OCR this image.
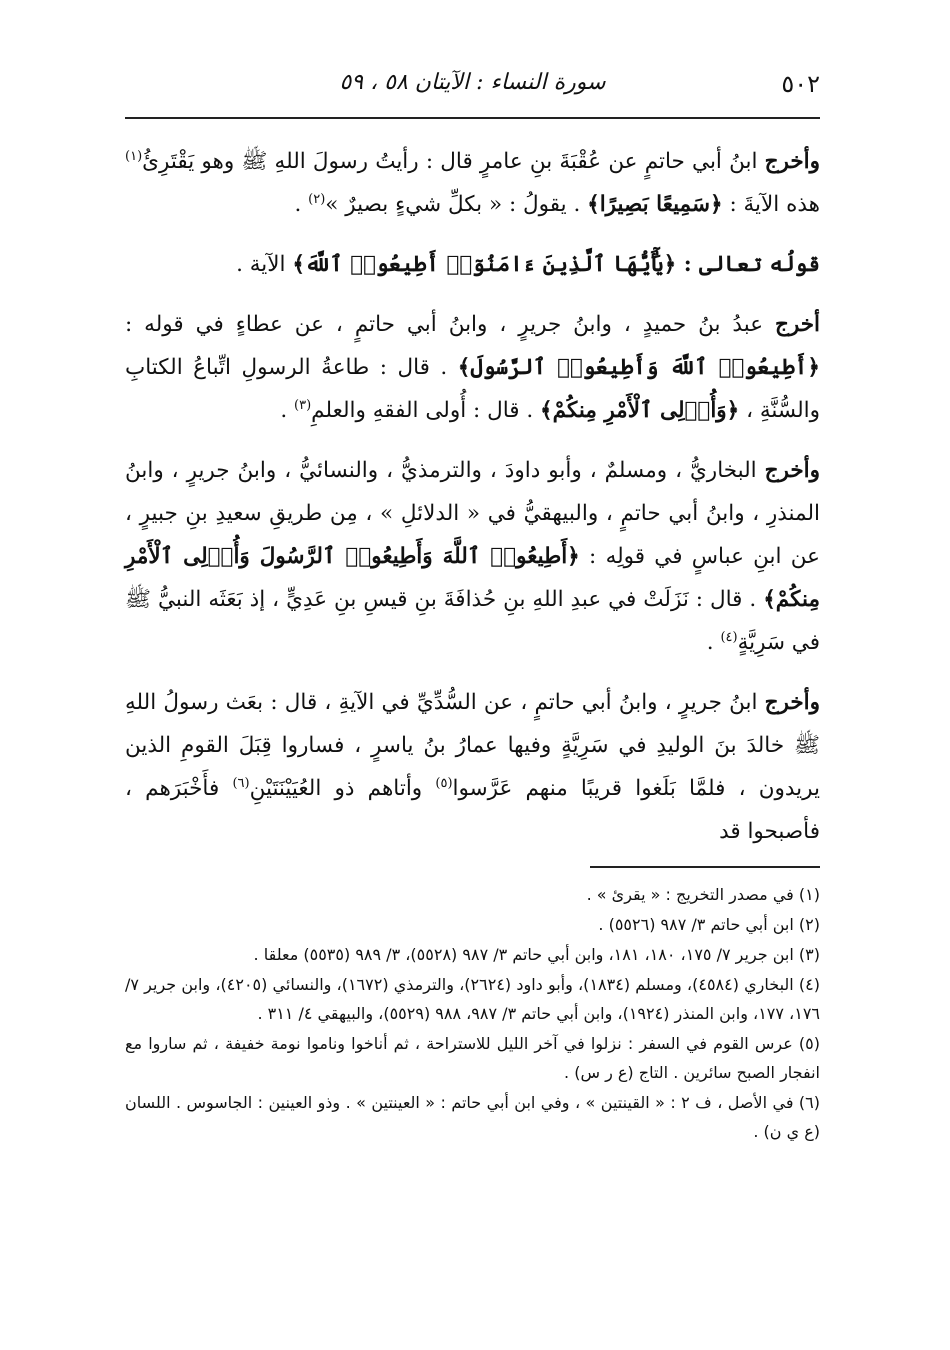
٥٠٢
سورة النساء : الآيتان ٥٨ ، ٥٩

وأخرج ابنُ أبي حاتمٍ عن عُقْبَةَ بنِ عامرٍ قال : رأيتُ رسولَ اللهِ ﷺ وهو يَقْتَرِئُ$^{(١)}$ هذه الآيةَ : ﴿سَمِيعًا بَصِيرًا﴾ . يقولُ : « بكلِّ شيءٍ بصيرٌ »$^{(٢)}$ .

قولُه تعالى : ﴿يَٰٓأَيُّهَا ٱلَّذِينَ ءَامَنُوٓا۟ أَطِيعُوا۟ ٱللَّهَ﴾ الآية .

أخرج عبدُ بنُ حميدٍ ، وابنُ جريرٍ ، وابنُ أبي حاتمٍ ، عن عطاءٍ في قوله : ﴿أَطِيعُوا۟ ٱللَّهَ وَأَطِيعُوا۟ ٱلرَّسُولَ﴾ . قال : طاعةُ الرسولِ اتِّباعُ الكتابِ والسُّنَّةِ ، ﴿وَأُو۟لِى ٱلْأَمْرِ مِنكُمْ﴾ . قال : أُولى الفقهِ والعلمِ$^{(٣)}$ .

وأخرج البخاريُّ ، ومسلمٌ ، وأبو داودَ ، والترمذيُّ ، والنسائيُّ ، وابنُ جريرٍ ، وابنُ المنذرِ ، وابنُ أبي حاتمٍ ، والبيهقيُّ في « الدلائلِ » ، مِن طريقِ سعيدِ بنِ جبيرٍ ، عن ابنِ عباسٍ في قولِه : ﴿أَطِيعُوا۟ ٱللَّهَ وَأَطِيعُوا۟ ٱلرَّسُولَ وَأُو۟لِى ٱلْأَمْرِ مِنكُمْ﴾ . قال : نَزَلَتْ في عبدِ اللهِ بنِ حُذافَةَ بنِ قيسِ بنِ عَدِيٍّ ، إذ بَعَثَه النبيُّ ﷺ في سَرِيَّةٍ$^{(٤)}$ .

وأخرج ابنُ جريرٍ ، وابنُ أبي حاتمٍ ، عن السُّدِّيِّ في الآيةِ ، قال : بعَث رسولُ اللهِ ﷺ خالدَ بنَ الوليدِ في سَرِيَّةٍ وفيها عمارُ بنُ ياسرٍ ، فساروا قِبَلَ القومِ الذين يريدون ، فلمَّا بَلَغوا قريبًا منهم عَرَّسوا$^{(٥)}$ وأتاهم ذو العُيَيْنَتَيْنِ$^{(٦)}$ فأَخْبَرَهم ، فأصبحوا قد

(١) في مصدر التخريج : « يقرئ » .

(٢) ابن أبي حاتم ٣/ ٩٨٧ (٥٥٢٦) .

(٣) ابن جرير ٧/ ١٧٥، ١٨٠، ١٨١، وابن أبي حاتم ٣/ ٩٨٧ (٥٥٢٨)، ٣/ ٩٨٩ (٥٥٣٥) معلقا .

(٤) البخاري (٤٥٨٤)، ومسلم (١٨٣٤)، وأبو داود (٢٦٢٤)، والترمذي (١٦٧٢)، والنسائي (٤٢٠٥)، وابن جرير ٧/ ١٧٦، ١٧٧، وابن المنذر (١٩٢٤)، وابن أبي حاتم ٣/ ٩٨٧، ٩٨٨ (٥٥٢٩)، والبيهقي ٤/ ٣١١ .

(٥) عرس القوم في السفر : نزلوا في آخر الليل للاستراحة ، ثم أناخوا وناموا نومة خفيفة ، ثم ساروا مع انفجار الصبح سائرين . التاج (ع ر س) .

(٦) في الأصل ، ف ٢ : « القينتين » ، وفي ابن أبي حاتم : « العينتين » . وذو العينين : الجاسوس . اللسان (ع ي ن) .
